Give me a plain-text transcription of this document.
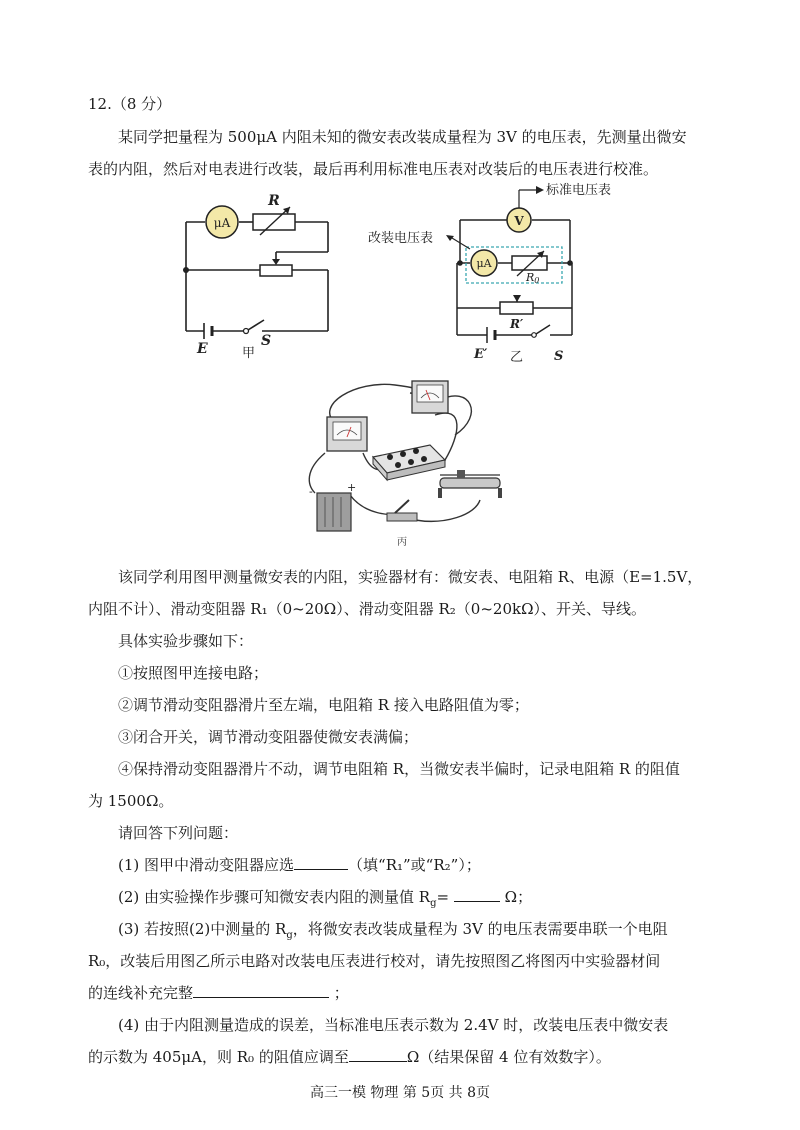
12.（8 分）
某同学把量程为 500μA 内阻未知的微安表改装成量程为 3V 的电压表，先测量出微安
表的内阻，然后对电表进行改装，最后再利用标准电压表对改装后的电压表进行校准。
μA
R
E	S
甲
V
标准电压表
μA
R0
改装电压表
R′
E′ 乙 S
-	+
丙
该同学利用图甲测量微安表的内阻，实验器材有：微安表、电阻箱 R、电源（E=1.5V，
内阻不计）、滑动变阻器 R₁（0~20Ω）、滑动变阻器 R₂（0~20kΩ）、开关、导线。
具体实验步骤如下：
①按照图甲连接电路；
②调节滑动变阻器滑片至左端，电阻箱 R 接入电路阻值为零；
③闭合开关，调节滑动变阻器使微安表满偏；
④保持滑动变阻器滑片不动，调节电阻箱 R，当微安表半偏时，记录电阻箱 R 的阻值
为 1500Ω。
请回答下列问题：
(1) 图甲中滑动变阻器应选	（填“R₁”或“R₂”）；
(2) 由实验操作步骤可知微安表内阻的测量值 $R_g=$	Ω；
(3) 若按照(2)中测量的 $R_g$，将微安表改装成量程为 3V 的电压表需要串联一个电阻
R₀，改装后用图乙所示电路对改装电压表进行校对，请先按照图乙将图丙中实验器材间
的连线补充完整	；
(4) 由于内阻测量造成的误差，当标准电压表示数为 2.4V 时，改装电压表中微安表
的示数为 405μA，则 R₀ 的阻值应调至	Ω（结果保留 4 位有效数字）。
高三一模 物理 第 5页 共 8页
